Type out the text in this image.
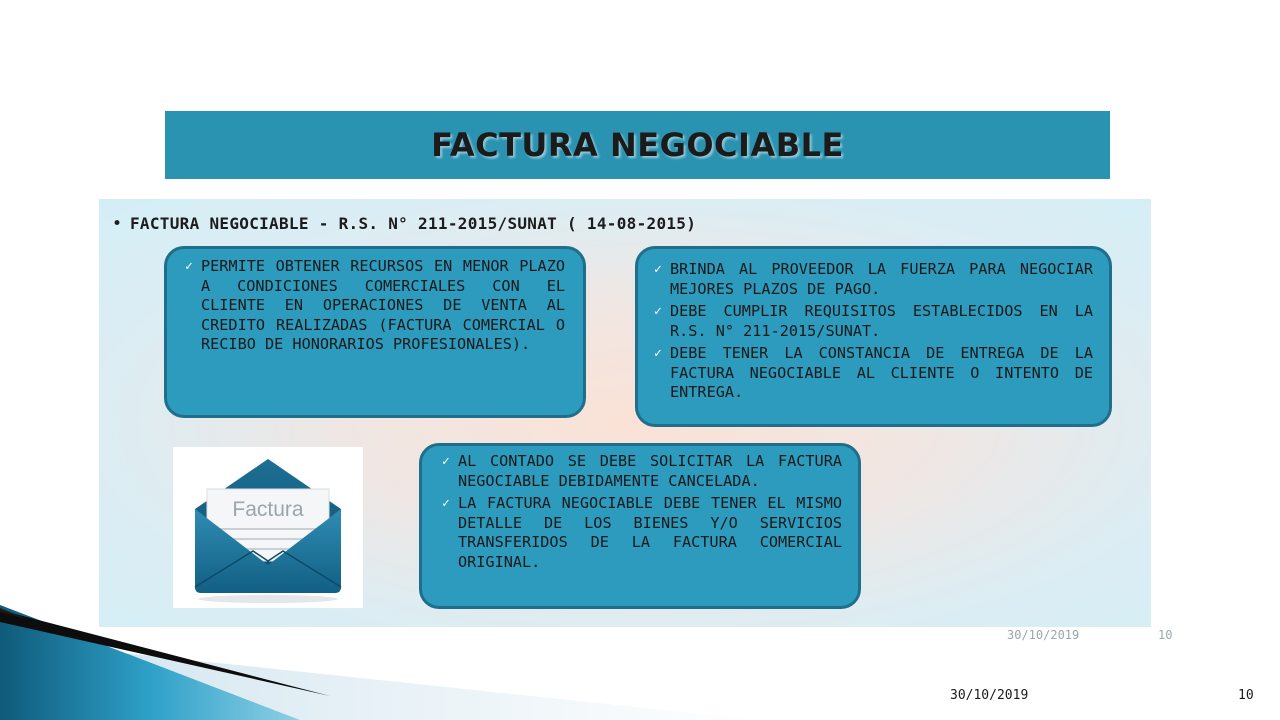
FACTURA NEGOCIABLE
• FACTURA NEGOCIABLE - R.S. N° 211-2015/SUNAT ( 14-08-2015)
✓ PERMITE OBTENER RECURSOS EN MENOR PLAZO A CONDICIONES COMERCIALES CON EL CLIENTE EN OPERACIONES DE VENTA AL CREDITO REALIZADAS (FACTURA COMERCIAL O RECIBO DE HONORARIOS PROFESIONALES).
✓ BRINDA AL PROVEEDOR LA FUERZA PARA NEGOCIAR MEJORES PLAZOS DE PAGO.
✓ DEBE CUMPLIR REQUISITOS ESTABLECIDOS EN LA R.S. N° 211-2015/SUNAT.
✓ DEBE TENER LA CONSTANCIA DE ENTREGA DE LA FACTURA NEGOCIABLE AL CLIENTE O INTENTO DE ENTREGA.
Factura
✓ AL CONTADO SE DEBE SOLICITAR LA FACTURA NEGOCIABLE DEBIDAMENTE CANCELADA.
✓ LA FACTURA NEGOCIABLE DEBE TENER EL MISMO DETALLE DE LOS BIENES Y/O SERVICIOS TRANSFERIDOS DE LA FACTURA COMERCIAL ORIGINAL.
30/10/2019	10
30/10/2019	10
